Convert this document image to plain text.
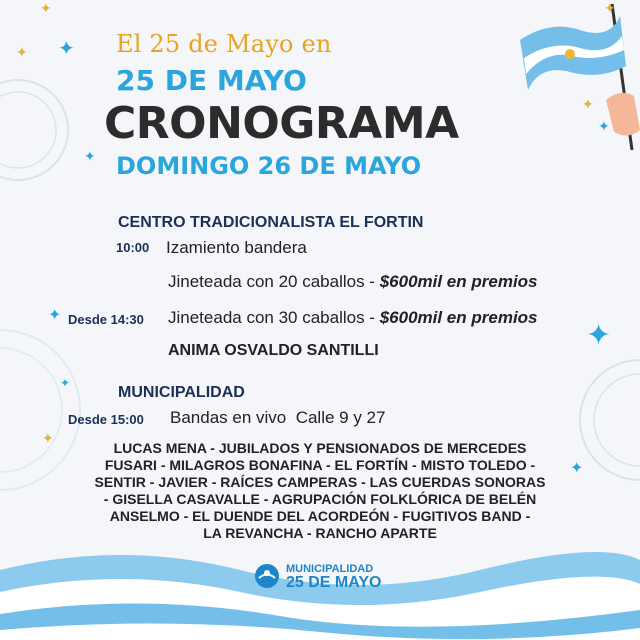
✦
✦ ✦
✦
✦
✦
✦
✦
✦
✦
✦
✦
El 25 de Mayo en
25 DE MAYO
CRONOGRAMA
DOMINGO 26 DE MAYO
CENTRO TRADICIONALISTA EL FORTIN
10:00 Izamiento bandera
Jineteada con 20 caballos - $600mil en premios
Desde 14:30 Jineteada con 30 caballos - $600mil en premios
ANIMA OSVALDO SANTILLI
MUNICIPALIDAD
Desde 15:00 Bandas en vivo  Calle 9 y 27
LUCAS MENA - JUBILADOS Y PENSIONADOS DE MERCEDES
FUSARI - MILAGROS BONAFINA - EL FORTÍN - MISTO TOLEDO -
SENTIR - JAVIER - RAÍCES CAMPERAS - LAS CUERDAS SONORAS
- GISELLA CASAVALLE - AGRUPACIÓN FOLKLÓRICA DE BELÉN
ANSELMO - EL DUENDE DEL ACORDEÓN - FUGITIVOS BAND -
LA REVANCHA - RANCHO APARTE
MUNICIPALIDAD
25 DE MAYO
